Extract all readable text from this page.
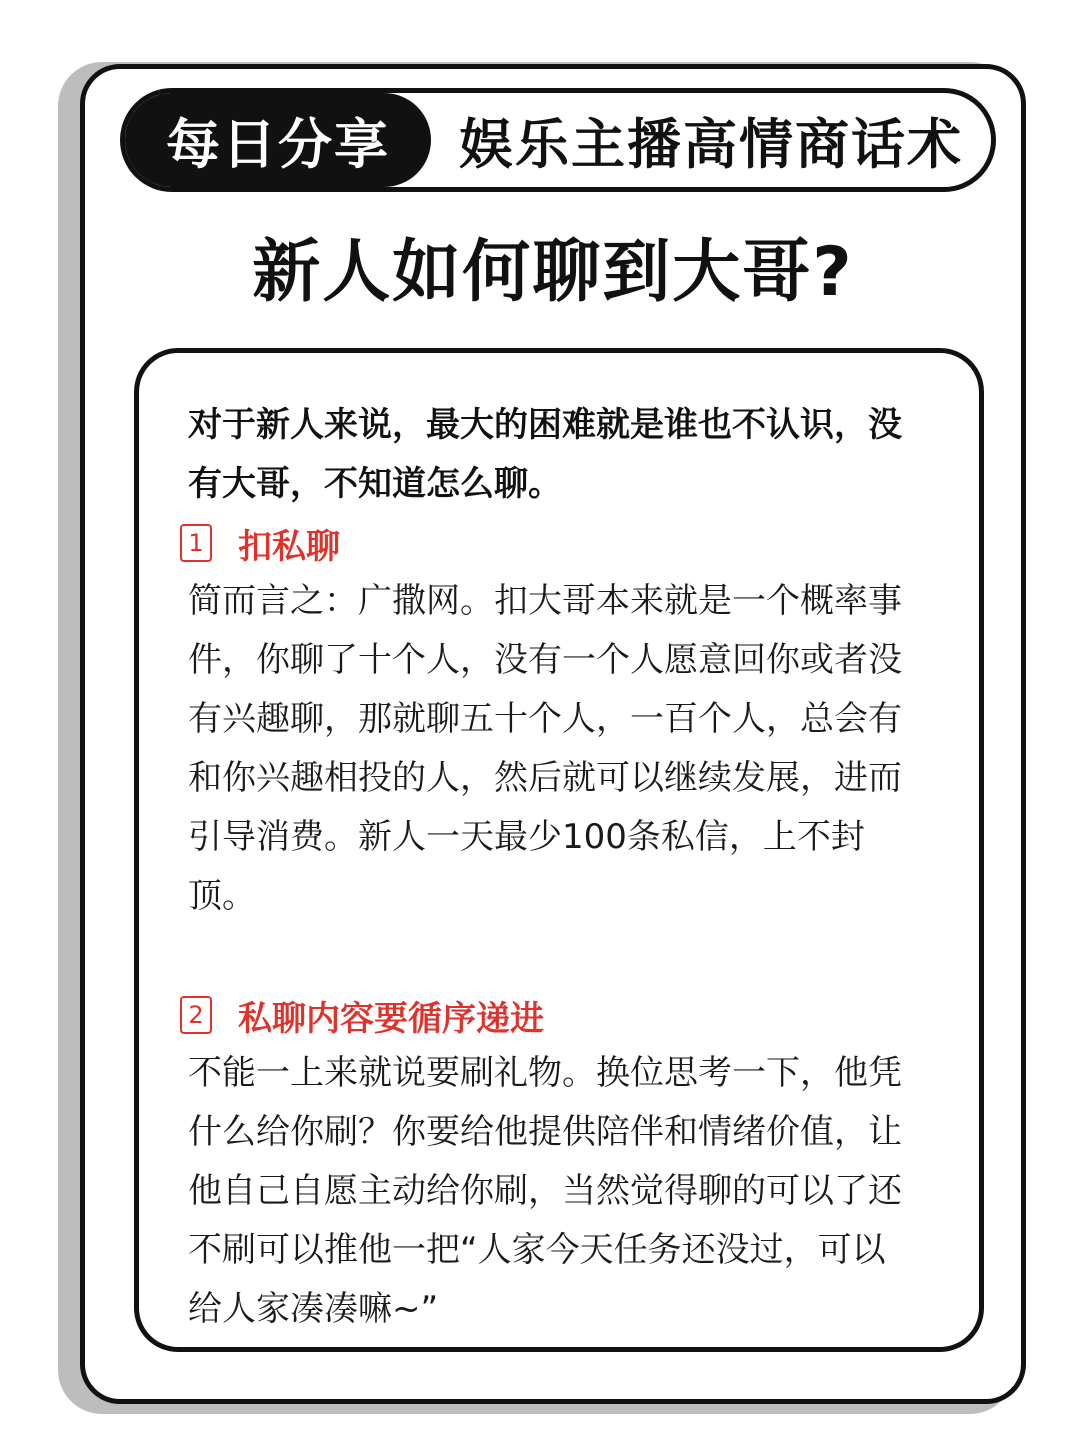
每日分享	娱乐主播高情商话术
新人如何聊到大哥?

对于新人来说，最大的困难就是谁也不认识，没有大哥，不知道怎么聊。

1 扣私聊

简而言之：广撒网。扣大哥本来就是一个概率事件，你聊了十个人，没有一个人愿意回你或者没有兴趣聊，那就聊五十个人，一百个人，总会有和你兴趣相投的人，然后就可以继续发展，进而引导消费。新人一天最少100条私信，上不封顶。

2 私聊内容要循序递进

不能一上来就说要刷礼物。换位思考一下，他凭什么给你刷？你要给他提供陪伴和情绪价值，让他自己自愿主动给你刷，当然觉得聊的可以了还不刷可以推他一把“人家今天任务还没过，可以给人家凑凑嘛~”
